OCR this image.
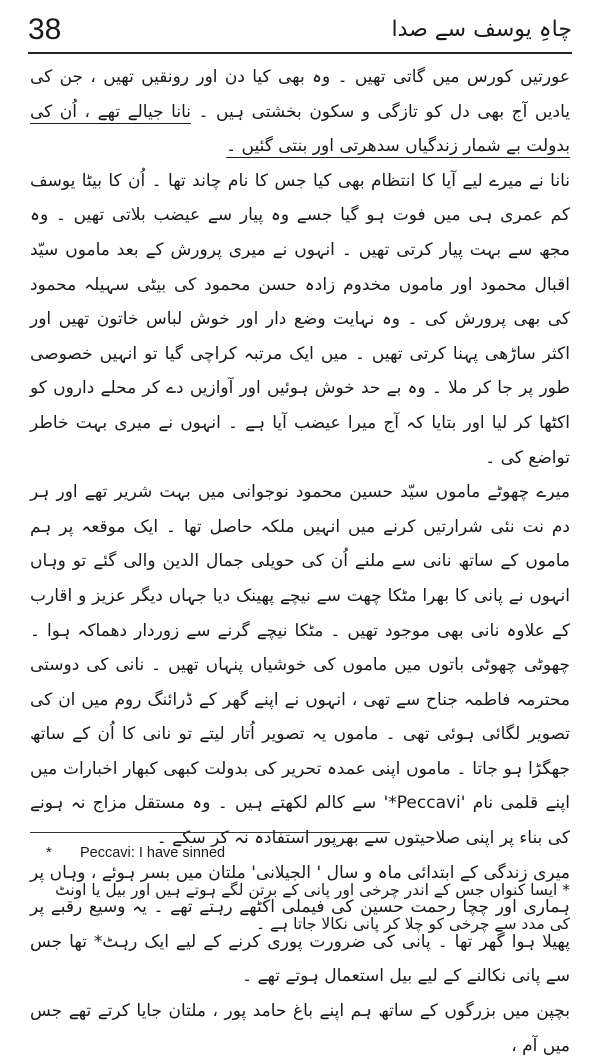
38	چاہِ یوسف سے صدا

عورتیں کورس میں گاتی تھیں ۔ وہ بھی کیا دن اور رونقیں تھیں ، جن کی یادیں آج بھی دل کو تازگی و سکون بخشتی ہیں ۔ نانا جیالے تھے ، اُن کی بدولت بے شمار زندگیاں سدھرتی اور بنتی گئیں ۔

نانا نے میرے لیے آیا کا انتظام بھی کیا جس کا نام چاند تھا ۔ اُن کا بیٹا یوسف کم عمری ہی میں فوت ہو گیا جسے وہ پیار سے عیضب بلاتی تھیں ۔ وہ مجھ سے بہت پیار کرتی تھیں ۔ انہوں نے میری پرورش کے بعد ماموں سیّد اقبال محمود اور ماموں مخدوم زادہ حسن محمود کی بیٹی سہیلہ محمود کی بھی پرورش کی ۔ وہ نہایت وضع دار اور خوش لباس خاتون تھیں اور اکثر ساڑھی پہنا کرتی تھیں ۔ میں ایک مرتبہ کراچی گیا تو انہیں خصوصی طور پر جا کر ملا ۔ وہ بے حد خوش ہوئیں اور آوازیں دے کر محلے داروں کو اکٹھا کر لیا اور بتایا کہ آج میرا عیضب آیا ہے ۔ انہوں نے میری بہت خاطر تواضع کی ۔

میرے چھوٹے ماموں سیّد حسین محمود نوجوانی میں بہت شریر تھے اور ہر دم نت نئی شرارتیں کرنے میں انہیں ملکہ حاصل تھا ۔ ایک موقعہ پر ہم ماموں کے ساتھ نانی سے ملنے اُن کی حویلی جمال الدین والی گئے تو وہاں انہوں نے پانی کا بھرا مٹکا چھت سے نیچے پھینک دیا جہاں دیگر عزیز و اقارب کے علاوہ نانی بھی موجود تھیں ۔ مٹکا نیچے گرنے سے زوردار دھماکہ ہوا ۔ چھوٹی چھوٹی باتوں میں ماموں کی خوشیاں پنہاں تھیں ۔ نانی کی دوستی محترمہ فاطمہ جناح سے تھی ، انہوں نے اپنے گھر کے ڈرائنگ روم میں ان کی تصویر لگائی ہوئی تھی ۔ ماموں یہ تصویر اُتار لیتے تو نانی کا اُن کے ساتھ جھگڑا ہو جاتا ۔ ماموں اپنی عمدہ تحریر کی بدولت کبھی کبھار اخبارات میں اپنے قلمی نام 'Peccavi*' سے کالم لکھتے ہیں ۔ وہ مستقل مزاج نہ ہونے کی بناء پر اپنی صلاحیتوں سے بھرپور استفادہ نہ کر سکے ۔

میری زندگی کے ابتدائی ماہ و سال ' الجیلانی' ملتان میں بسر ہوئے ، وہاں پر ہماری اور چچا رحمت حسین کی فیملی اکٹھے رہتے تھے ۔ یہ وسیع رقبے پر پھیلا ہوا گھر تھا ۔ پانی کی ضرورت پوری کرنے کے لیے ایک رہٹ* تھا جس سے پانی نکالنے کے لیے بیل استعمال ہوتے تھے ۔

بچپن میں بزرگوں کے ساتھ ہم اپنے باغ حامد پور ، ملتان جایا کرتے تھے جس میں آم ،

* Peccavi: I have sinned
* ایسا کنواں جس کے اندر چرخی اور پانی کے برتن لگے ہوتے ہیں اور بیل یا اونٹ کی مدد سے چرخی کو چلا کر پانی نکالا جاتا ہے ۔
